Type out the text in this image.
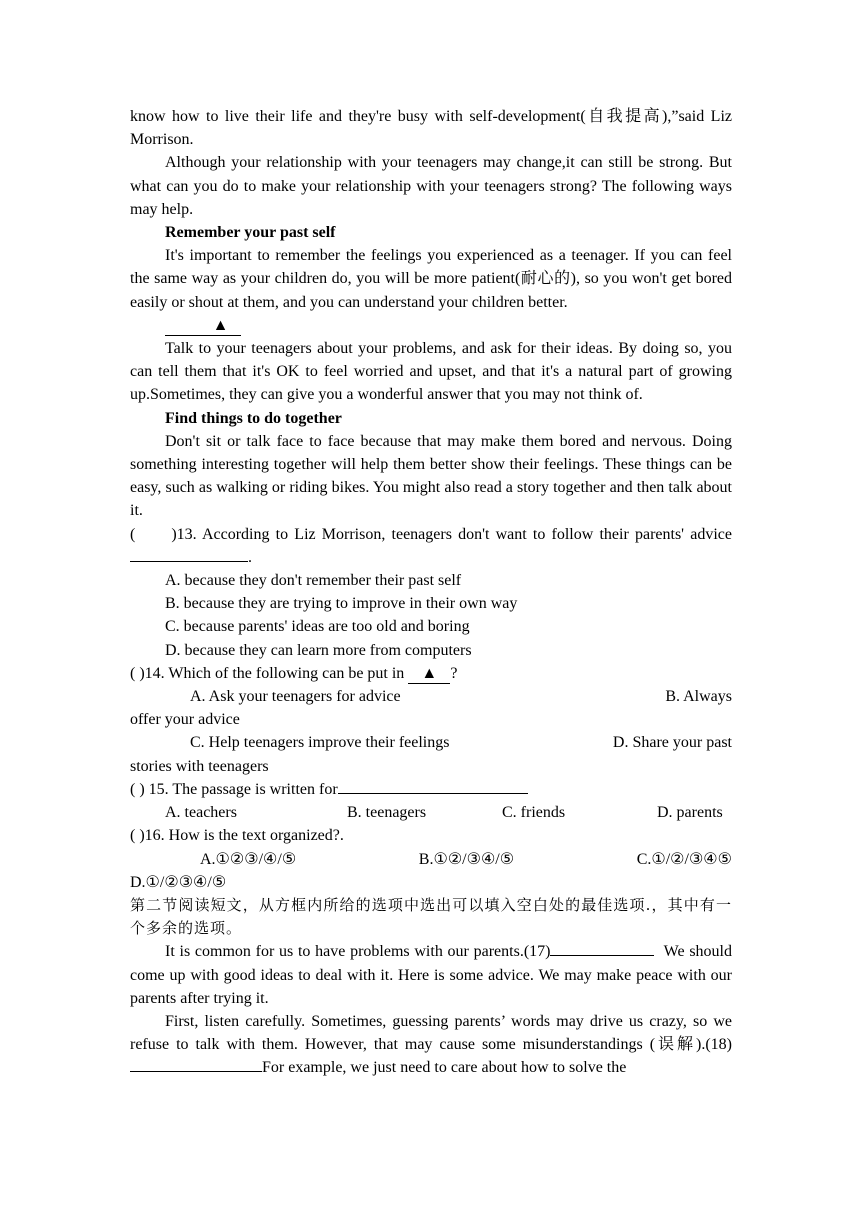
know how to live their life and they're busy with self-development(自我提高),”said Liz Morrison.

Although your relationship with your teenagers may change,it can still be strong. But what can you do to make your relationship with your teenagers strong? The following ways may help.

Remember your past self

It's important to remember the feelings you experienced as a teenager. If you can feel the same way as your children do, you will be more patient(耐心的), so you won't get bored easily or shout at them, and you can understand your children better.

▲

Talk to your teenagers about your problems, and ask for their ideas. By doing so, you can tell them that it's OK to feel worried and upset, and that it's a natural part of growing up.Sometimes, they can give you a wonderful answer that you may not think of.

Find things to do together

Don't sit or talk face to face because that may make them bored and nervous. Doing something interesting together will help them better show their feelings. These things can be easy, such as walking or riding bikes. You might also read a story together and then talk about it.

( )13. According to Liz Morrison, teenagers don't want to follow their parents' advice .

A. because they don't remember their past self

B. because they are trying to improve in their own way

C. because parents' ideas are too old and boring

D. because they can learn more from computers

( )14. Which of the following can be put in ▲ ?

A. Ask your teenagers for advice	B. Always

offer your advice

C. Help teenagers improve their feelings	D. Share your past

stories with teenagers

( ) 15. The passage is written for

A. teachers	B. teenagers	C. friends	D. parents

( )16. How is the text organized?.

A.①②③/④/⑤	B.①②/③④/⑤	C.①/②/③④⑤

D.①/②③④/⑤

第二节阅读短文，从方框内所给的选项中选出可以填入空白处的最佳选项.，其中有一个多余的选项。

It is common for us to have problems with our parents.(17)	We should come up with good ideas to deal with it. Here is some advice. We may make peace with our parents after trying it.

First, listen carefully. Sometimes, guessing parents’ words may drive us crazy, so we refuse to talk with them. However, that may cause some misunderstandings (误解).(18)For example, we just need to care about how to solve the
